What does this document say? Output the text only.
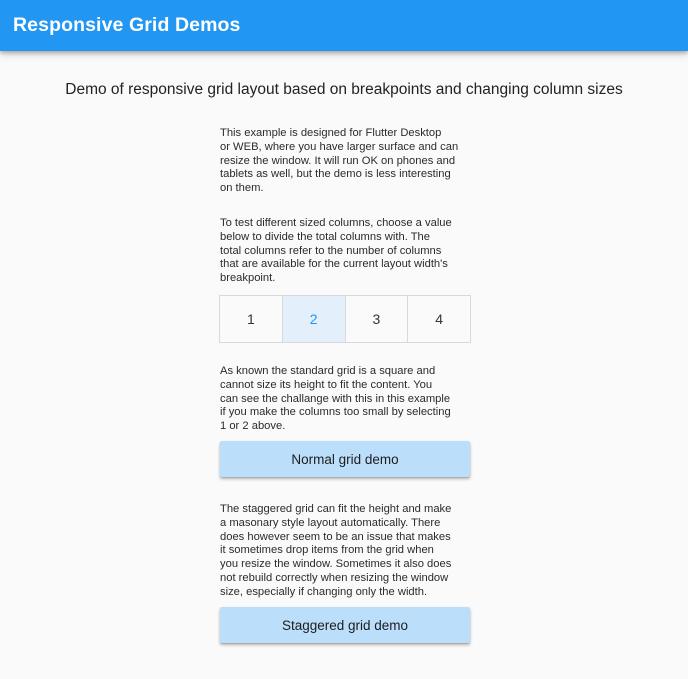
Responsive Grid Demos
Demo of responsive grid layout based on breakpoints and changing column sizes

This example is designed for Flutter Desktop
or WEB, where you have larger surface and can
resize the window. It will run OK on phones and
tablets as well, but the demo is less interesting
on them.

To test different sized columns, choose a value
below to divide the total columns with. The
total columns refer to the number of columns
that are available for the current layout width's
breakpoint.

1	2	3	4

As known the standard grid is a square and
cannot size its height to fit the content. You
can see the challange with this in this example
if you make the columns too small by selecting
1 or 2 above.

Normal grid demo

The staggered grid can fit the height and make
a masonary style layout automatically. There
does however seem to be an issue that makes
it sometimes drop items from the grid when
you resize the window. Sometimes it also does
not rebuild correctly when resizing the window
size, especially if changing only the width.

Staggered grid demo
